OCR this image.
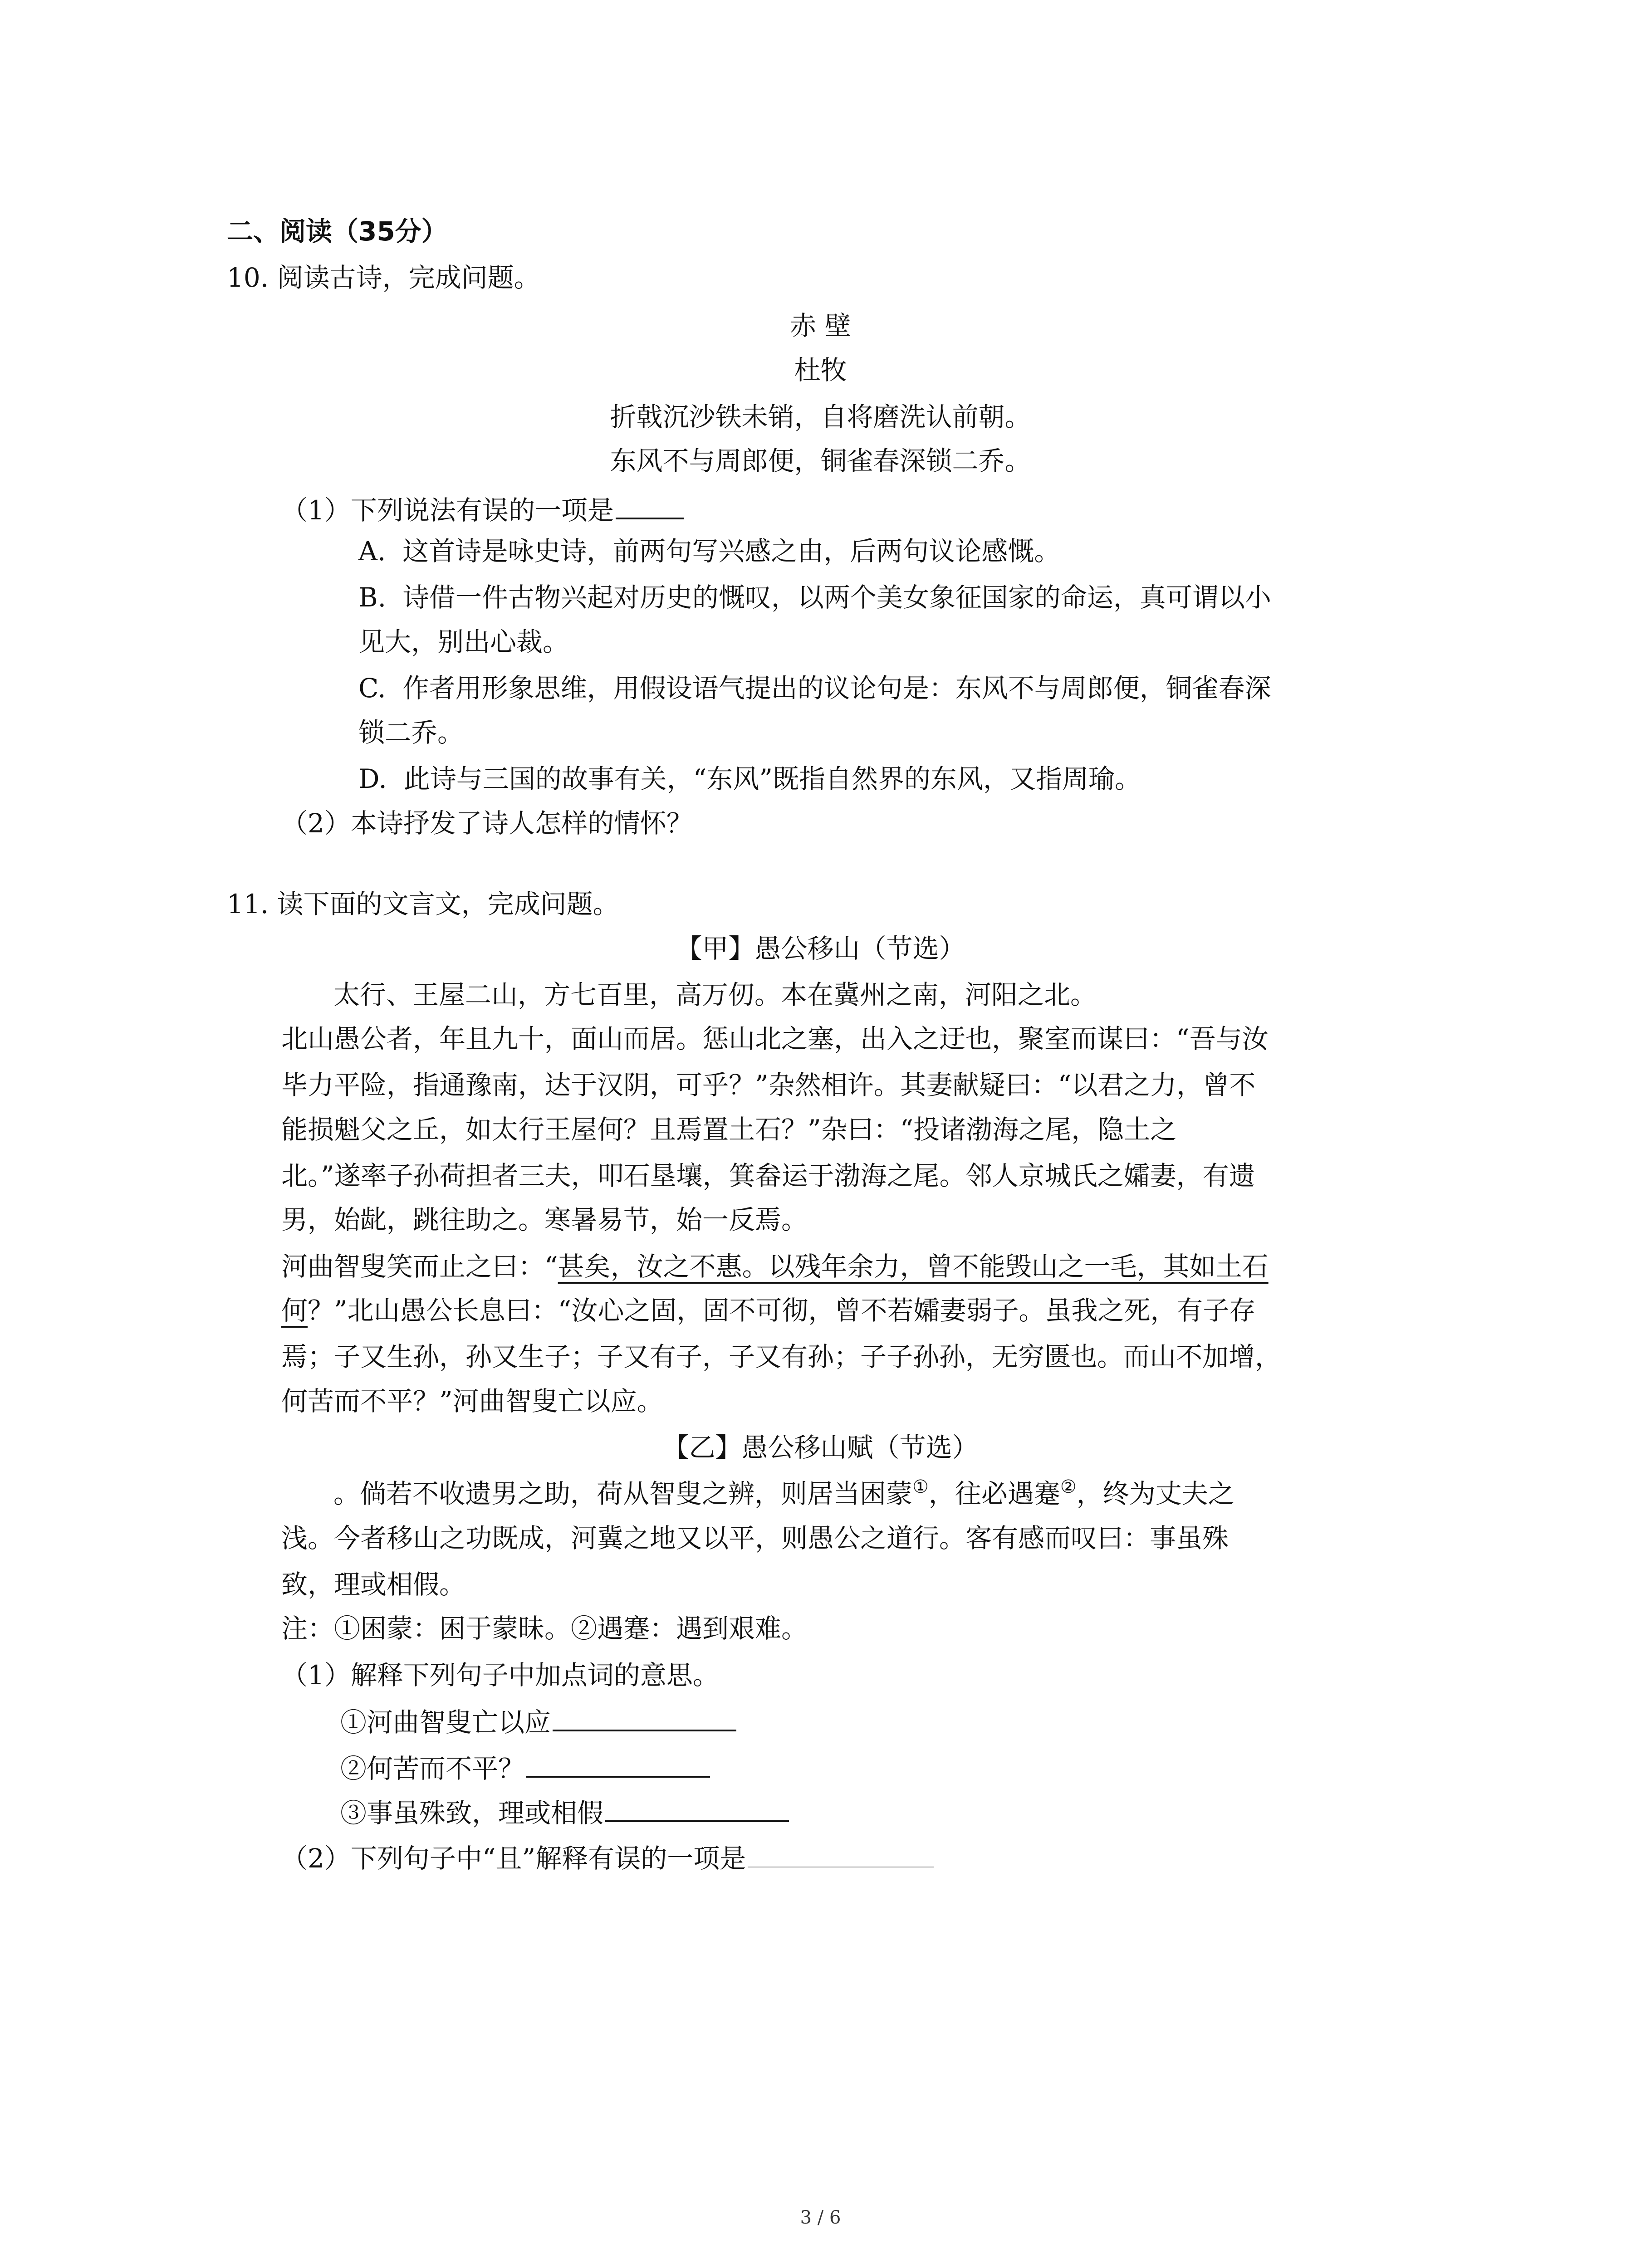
二、阅读（35分）
10. 阅读古诗，完成问题。
赤 壁
杜牧
折戟沉沙铁未销，自将磨洗认前朝。
东风不与周郎便，铜雀春深锁二乔。
（1）下列说法有误的一项是
A.  这首诗是咏史诗，前两句写兴感之由，后两句议论感慨。
B.  诗借一件古物兴起对历史的慨叹，以两个美女象征国家的命运，真可谓以小
见大，别出心裁。
C.  作者用形象思维，用假设语气提出的议论句是：东风不与周郎便，铜雀春深
锁二乔。
D.  此诗与三国的故事有关，“东风”既指自然界的东风，又指周瑜。
（2）本诗抒发了诗人怎样的情怀？
11. 读下面的文言文，完成问题。
【甲】愚公移山（节选）
太行、王屋二山，方七百里，高万仞。本在冀州之南，河阳之北。
北山愚公者，年且九十，面山而居。惩山北之塞，出入之迂也，聚室而谋曰：“吾与汝
毕力平险，指通豫南，达于汉阴，可乎？”杂然相许。其妻献疑曰：“以君之力，曾不
能损魁父之丘，如太行王屋何？且焉置土石？”杂曰：“投诸渤海之尾，隐土之
北。”遂率子孙荷担者三夫，叩石垦壤，箕畚运于渤海之尾。邻人京城氏之孀妻，有遗
男，始龀，跳往助之。寒暑易节，始一反焉。
河曲智叟笑而止之曰：“甚矣，汝之不惠。以残年余力，曾不能毁山之一毛，其如土石
何？”北山愚公长息曰：“汝心之固，固不可彻，曾不若孀妻弱子。虽我之死，有子存
焉；子又生孙，孙又生子；子又有子，子又有孙；子子孙孙，无穷匮也。而山不加增，
何苦而不平？”河曲智叟亡以应。
【乙】愚公移山赋（节选）
。倘若不收遗男之助，荷从智叟之辨，则居当困蒙①，往必遇蹇②，终为丈夫之
浅。今者移山之功既成，河冀之地又以平，则愚公之道行。客有感而叹曰：事虽殊
致，理或相假。
注：①困蒙：困于蒙昧。②遇蹇：遇到艰难。
（1）解释下列句子中加点词的意思。
①河曲智叟亡以应
②何苦而不平？
③事虽殊致，理或相假
（2）下列句子中“且”解释有误的一项是
3 / 6
